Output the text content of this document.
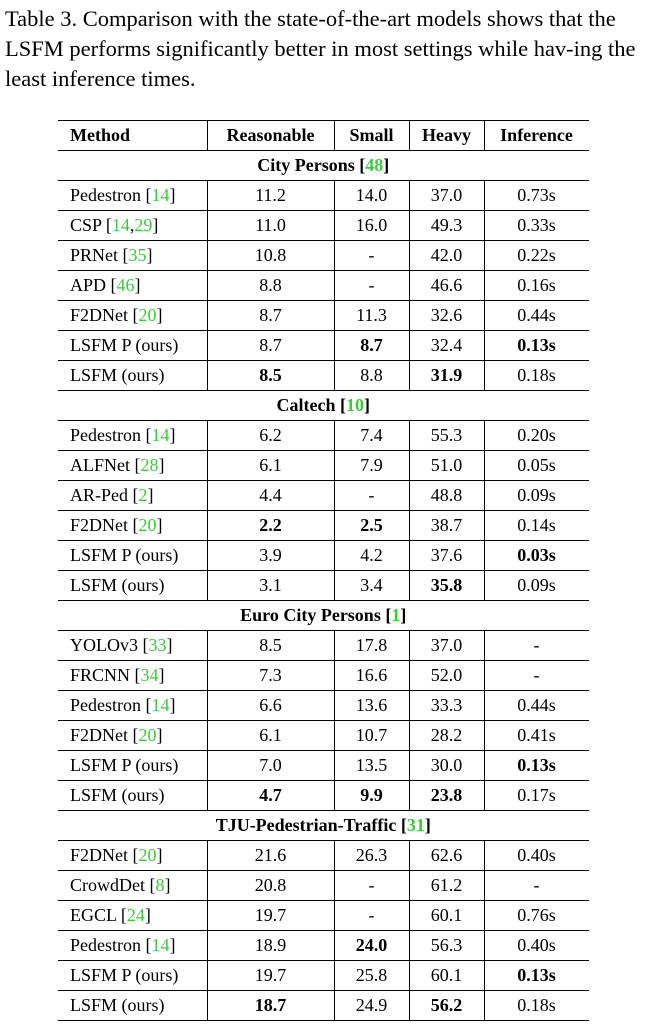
Table 3. Comparison with the state-of-the-art models shows that the LSFM performs significantly better in most settings while hav-ing the least inference times.

Method	Reasonable	Small	Heavy	Inference
City Persons [48]				
Pedestron [14]	11.2	14.0	37.0	0.73s
CSP [14,29]	11.0	16.0	49.3	0.33s
PRNet [35]	10.8	-	42.0	0.22s
APD [46]	8.8	-	46.6	0.16s
F2DNet [20]	8.7	11.3	32.6	0.44s
LSFM P (ours)	8.7	8.7	32.4	0.13s
LSFM (ours)	8.5	8.8	31.9	0.18s
Caltech [10]				
Pedestron [14]	6.2	7.4	55.3	0.20s
ALFNet [28]	6.1	7.9	51.0	0.05s
AR-Ped [2]	4.4	-	48.8	0.09s
F2DNet [20]	2.2	2.5	38.7	0.14s
LSFM P (ours)	3.9	4.2	37.6	0.03s
LSFM (ours)	3.1	3.4	35.8	0.09s
Euro City Persons [1]				
YOLOv3 [33]	8.5	17.8	37.0	-
FRCNN [34]	7.3	16.6	52.0	-
Pedestron [14]	6.6	13.6	33.3	0.44s
F2DNet [20]	6.1	10.7	28.2	0.41s
LSFM P (ours)	7.0	13.5	30.0	0.13s
LSFM (ours)	4.7	9.9	23.8	0.17s
TJU-Pedestrian-Traffic [31]				
F2DNet [20]	21.6	26.3	62.6	0.40s
CrowdDet [8]	20.8	-	61.2	-
EGCL [24]	19.7	-	60.1	0.76s
Pedestron [14]	18.9	24.0	56.3	0.40s
LSFM P (ours)	19.7	25.8	60.1	0.13s
LSFM (ours)	18.7	24.9	56.2	0.18s
